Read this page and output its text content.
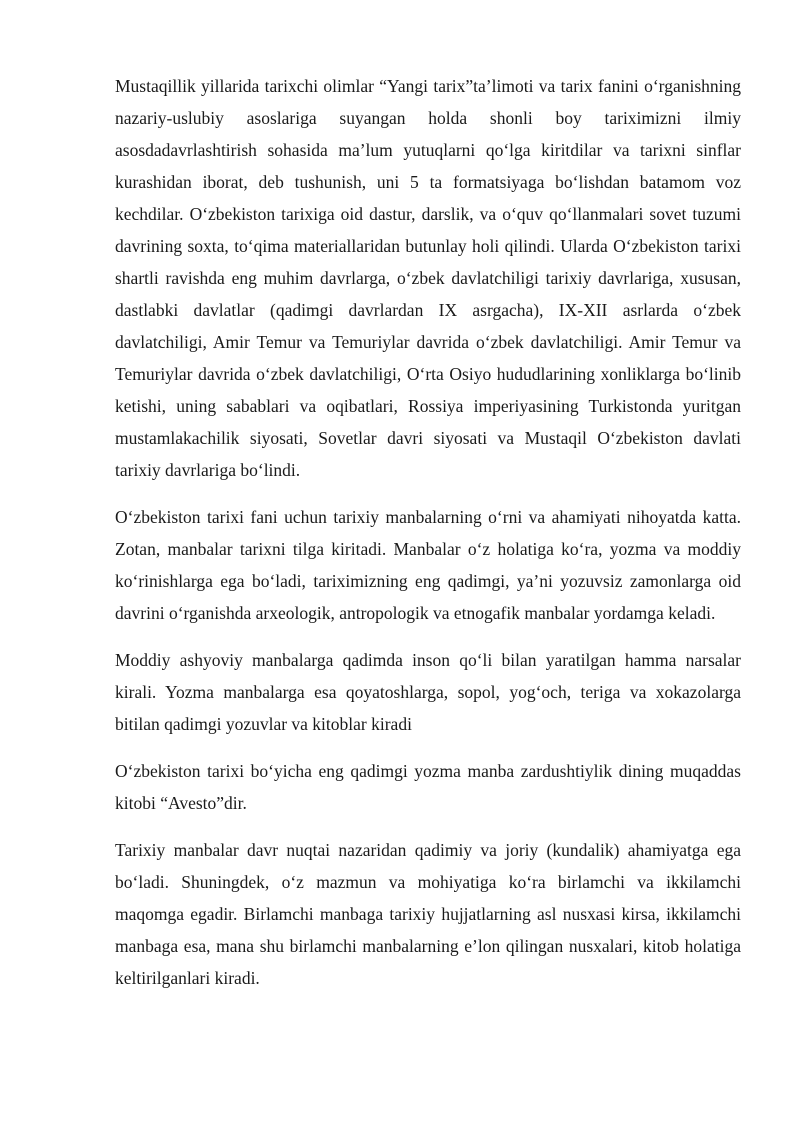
Mustaqillik yillarida tarixchi olimlar “Yangi tarix”ta’limoti va tarix fanini o‘rganishning nazariy-uslubiy asoslariga suyangan holda shonli boy tariximizni ilmiy asosdadavrlashtirish sohasida ma’lum yutuqlarni qo‘lga kiritdilar va tarixni sinflar kurashidan iborat, deb tushunish, uni 5 ta formatsiyaga bo‘lishdan batamom voz kechdilar. O‘zbekiston tarixiga oid dastur, darslik, va o‘quv qo‘llanmalari sovet tuzumi davrining soxta, to‘qima materiallaridan butunlay holi qilindi. Ularda O‘zbekiston tarixi shartli ravishda eng muhim davrlarga, o‘zbek davlatchiligi tarixiy davrlariga, xususan, dastlabki davlatlar (qadimgi davrlardan IX asrgacha), IX-XII asrlarda o‘zbek davlatchiligi, Amir Temur va Temuriylar davrida o‘zbek davlatchiligi. Amir Temur va Temuriylar davrida o‘zbek davlatchiligi, O‘rta Osiyo hududlarining xonliklarga bo‘linib ketishi, uning sabablari va oqibatlari, Rossiya imperiyasining Turkistonda yuritgan mustamlakachilik siyosati, Sovetlar davri siyosati va Mustaqil O‘zbekiston davlati tarixiy davrlariga bo‘lindi.

O‘zbekiston tarixi fani uchun tarixiy manbalarning o‘rni va ahamiyati nihoyatda katta. Zotan, manbalar tarixni tilga kiritadi. Manbalar o‘z holatiga ko‘ra, yozma va moddiy ko‘rinishlarga ega bo‘ladi, tariximizning eng qadimgi, ya’ni yozuvsiz zamonlarga oid davrini o‘rganishda arxeologik, antropologik va etnogafik manbalar yordamga keladi.

Moddiy ashyoviy manbalarga qadimda inson qo‘li bilan yaratilgan hamma narsalar kirali. Yozma manbalarga esa qoyatoshlarga, sopol, yog‘och, teriga va xokazolarga bitilan qadimgi yozuvlar va kitoblar kiradi

O‘zbekiston tarixi bo‘yicha eng qadimgi yozma manba zardushtiylik dining muqaddas kitobi “Avesto”dir.

Tarixiy manbalar davr nuqtai nazaridan qadimiy va joriy (kundalik) ahamiyatga ega bo‘ladi. Shuningdek, o‘z mazmun va mohiyatiga ko‘ra birlamchi va ikkilamchi maqomga egadir. Birlamchi manbaga tarixiy hujjatlarning asl nusxasi kirsa, ikkilamchi manbaga esa, mana shu birlamchi manbalarning e’lon qilingan nusxalari, kitob holatiga keltirilganlari kiradi.
